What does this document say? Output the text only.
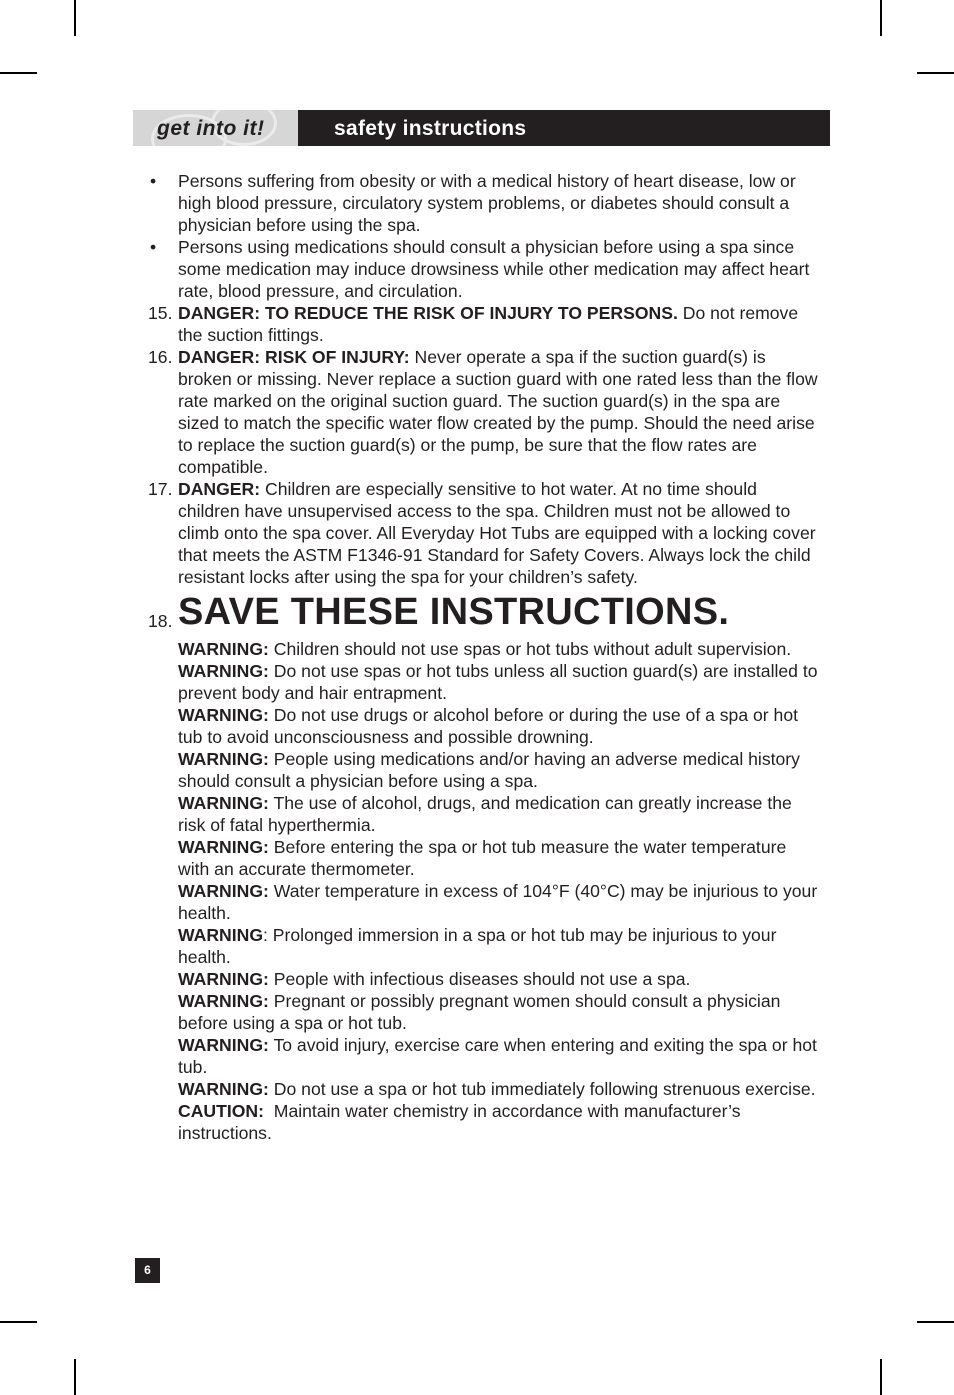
get into it!	safety instructions
• Persons suffering from obesity or with a medical history of heart disease, low or high blood pressure, circulatory system problems, or diabetes should consult a physician before using the spa.
• Persons using medications should consult a physician before using a spa since some medication may induce drowsiness while other medication may affect heart rate, blood pressure, and circulation.
15. DANGER: TO REDUCE THE RISK OF INJURY TO PERSONS. Do not remove the suction fittings.
16. DANGER: RISK OF INJURY: Never operate a spa if the suction guard(s) is broken or missing. Never replace a suction guard with one rated less than the flow rate marked on the original suction guard. The suction guard(s) in the spa are sized to match the specific water flow created by the pump. Should the need arise to replace the suction guard(s) or the pump, be sure that the flow rates are compatible.
17. DANGER: Children are especially sensitive to hot water. At no time should children have unsupervised access to the spa. Children must not be allowed to climb onto the spa cover. All Everyday Hot Tubs are equipped with a locking cover that meets the ASTM F1346-91 Standard for Safety Covers. Always lock the child resistant locks after using the spa for your children’s safety.
18. SAVE THESE INSTRUCTIONS.

WARNING: Children should not use spas or hot tubs without adult supervision.

WARNING: Do not use spas or hot tubs unless all suction guard(s) are installed to prevent body and hair entrapment.

WARNING: Do not use drugs or alcohol before or during the use of a spa or hot tub to avoid unconsciousness and possible drowning.

WARNING: People using medications and/or having an adverse medical history should consult a physician before using a spa.

WARNING: The use of alcohol, drugs, and medication can greatly increase the risk of fatal hyperthermia.

WARNING: Before entering the spa or hot tub measure the water temperature with an accurate thermometer.

WARNING: Water temperature in excess of 104°F (40°C) may be injurious to your health.

WARNING: Prolonged immersion in a spa or hot tub may be injurious to your health.

WARNING: People with infectious diseases should not use a spa.

WARNING: Pregnant or possibly pregnant women should consult a physician before using a spa or hot tub.

WARNING: To avoid injury, exercise care when entering and exiting the spa or hot tub.

WARNING: Do not use a spa or hot tub immediately following strenuous exercise.

CAUTION:  Maintain water chemistry in accordance with manufacturer’s instructions.

6
